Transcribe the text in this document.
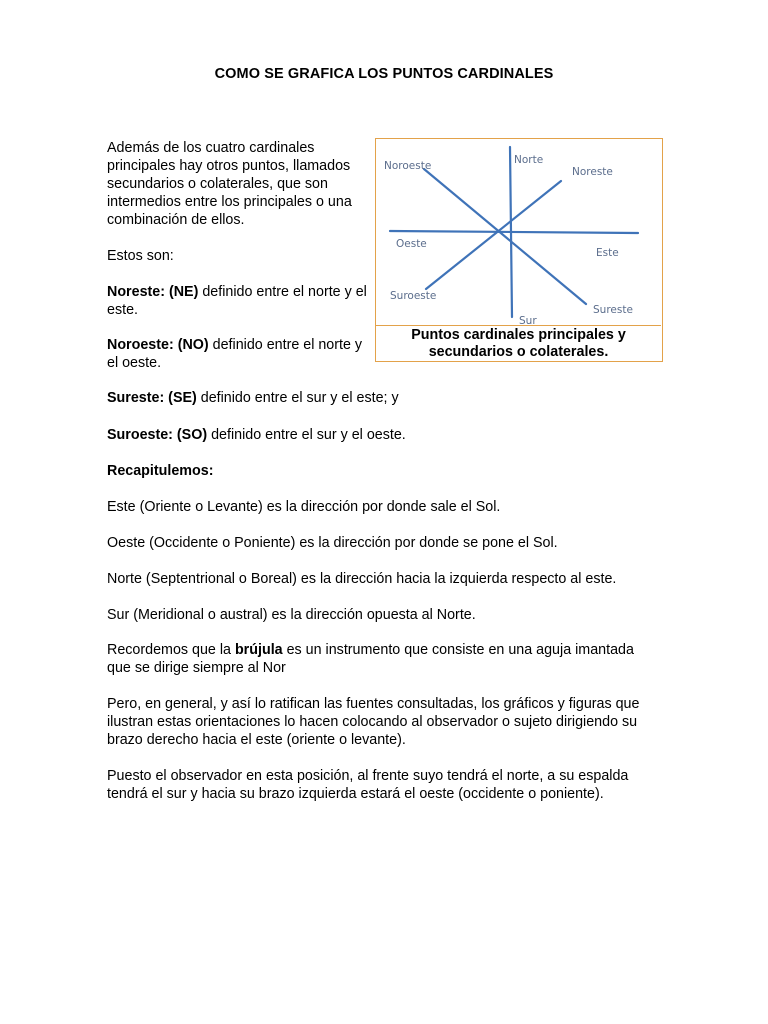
COMO SE GRAFICA LOS PUNTOS CARDINALES

Además de los cuatro cardinales principales hay otros puntos, llamados secundarios o colaterales, que son intermedios entre los principales o una combinación de ellos.

Estos son:

Noreste: (NE) definido entre el norte y el este.

Noroeste: (NO) definido entre el norte y el oeste.

Sureste: (SE) definido entre el sur y el este; y

Suroeste: (SO) definido entre el sur y el oeste.

Recapitulemos:

Este (Oriente o Levante) es la dirección por donde sale el Sol.

Oeste (Occidente o Poniente) es la dirección por donde se pone el Sol.

Norte (Septentrional o Boreal) es la dirección hacia la izquierda respecto al este.

Sur (Meridional o austral) es la dirección opuesta al Norte.

Recordemos que la brújula es un instrumento que consiste en una aguja imantada que se dirige siempre al Nor

Pero, en general, y así lo ratifican las fuentes consultadas, los gráficos y figuras que ilustran estas orientaciones lo hacen colocando al observador o sujeto dirigiendo su brazo derecho hacia el este (oriente o levante).

Puesto el observador en esta posición, al frente suyo tendrá el norte, a su espalda tendrá el sur y hacia su brazo izquierda estará el oeste (occidente o poniente).

Noroeste	Norte
Noreste
Oeste
Este
Suroeste
Sur
Sureste
Puntos cardinales principales y secundarios o colaterales.
